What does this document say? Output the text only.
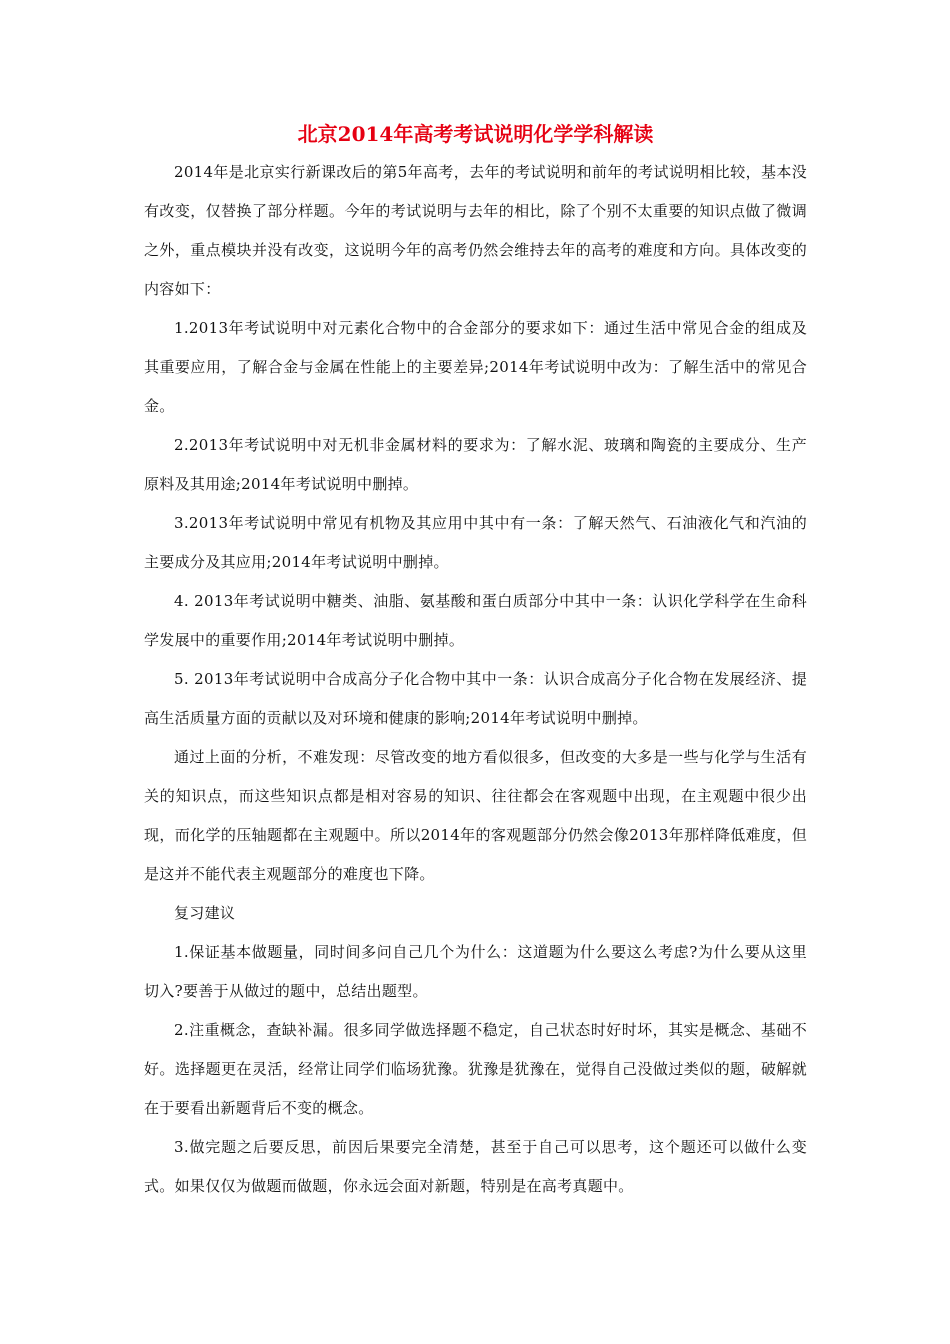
北京2014年高考考试说明化学学科解读

2014年是北京实行新课改后的第5年高考，去年的考试说明和前年的考试说明相比较，基本没有改变，仅替换了部分样题。今年的考试说明与去年的相比，除了个别不太重要的知识点做了微调之外，重点模块并没有改变，这说明今年的高考仍然会维持去年的高考的难度和方向。具体改变的内容如下：

1.2013年考试说明中对元素化合物中的合金部分的要求如下：通过生活中常见合金的组成及其重要应用，了解合金与金属在性能上的主要差异;2014年考试说明中改为：了解生活中的常见合金。

2.2013年考试说明中对无机非金属材料的要求为：了解水泥、玻璃和陶瓷的主要成分、生产原料及其用途;2014年考试说明中删掉。

3.2013年考试说明中常见有机物及其应用中其中有一条：了解天然气、石油液化气和汽油的主要成分及其应用;2014年考试说明中删掉。

4. 2013年考试说明中糖类、油脂、氨基酸和蛋白质部分中其中一条：认识化学科学在生命科学发展中的重要作用;2014年考试说明中删掉。

5. 2013年考试说明中合成高分子化合物中其中一条：认识合成高分子化合物在发展经济、提高生活质量方面的贡献以及对环境和健康的影响;2014年考试说明中删掉。

通过上面的分析，不难发现：尽管改变的地方看似很多，但改变的大多是一些与化学与生活有关的知识点，而这些知识点都是相对容易的知识、往往都会在客观题中出现，在主观题中很少出现，而化学的压轴题都在主观题中。所以2014年的客观题部分仍然会像2013年那样降低难度，但是这并不能代表主观题部分的难度也下降。

复习建议

1.保证基本做题量，同时间多问自己几个为什么：这道题为什么要这么考虑?为什么要从这里切入?要善于从做过的题中，总结出题型。

2.注重概念，查缺补漏。很多同学做选择题不稳定，自己状态时好时坏，其实是概念、基础不好。选择题更在灵活，经常让同学们临场犹豫。犹豫是犹豫在，觉得自己没做过类似的题，破解就在于要看出新题背后不变的概念。

3.做完题之后要反思，前因后果要完全清楚，甚至于自己可以思考，这个题还可以做什么变式。如果仅仅为做题而做题，你永远会面对新题，特别是在高考真题中。
